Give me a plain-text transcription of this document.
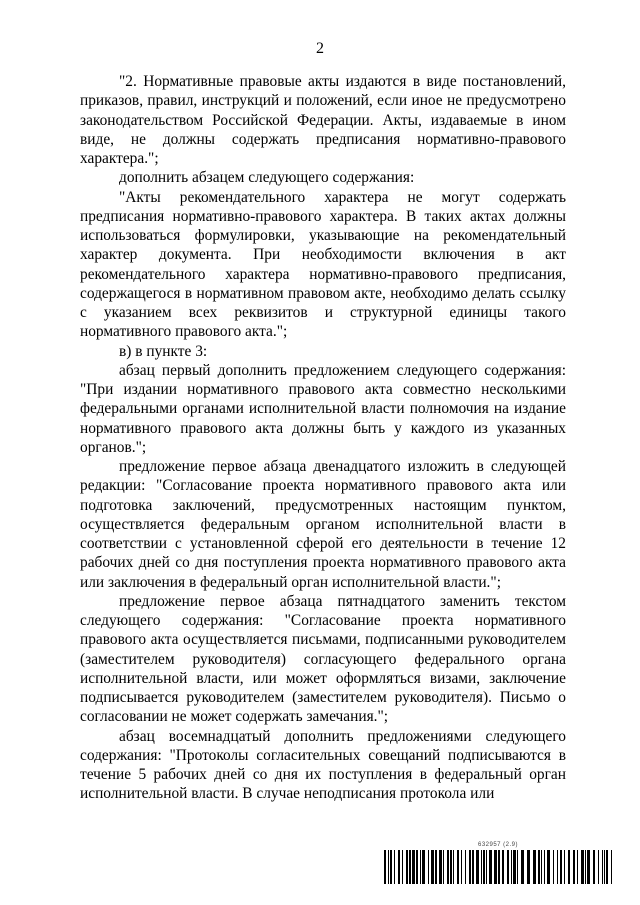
2

"2. Нормативные правовые акты издаются в виде постановлений, приказов, правил, инструкций и положений, если иное не предусмотрено законодательством Российской Федерации. Акты, издаваемые в ином виде, не должны содержать предписания нормативно-правового характера.";

дополнить абзацем следующего содержания:

"Акты рекомендательного характера не могут содержать предписания нормативно-правового характера. В таких актах должны использоваться формулировки, указывающие на рекомендательный характер документа. При необходимости включения в акт рекомендательного характера нормативно-правового предписания, содержащегося в нормативном правовом акте, необходимо делать ссылку с указанием всех реквизитов и структурной единицы такого нормативного правового акта.";

в) в пункте 3:

абзац первый дополнить предложением следующего содержания: "При издании нормативного правового акта совместно несколькими федеральными органами исполнительной власти полномочия на издание нормативного правового акта должны быть у каждого из указанных органов.";

предложение первое абзаца двенадцатого изложить в следующей редакции: "Согласование проекта нормативного правового акта или подготовка заключений, предусмотренных настоящим пунктом, осуществляется федеральным органом исполнительной власти в соответствии с установленной сферой его деятельности в течение 12 рабочих дней со дня поступления проекта нормативного правового акта или заключения в федеральный орган исполнительной власти.";

предложение первое абзаца пятнадцатого заменить текстом следующего содержания: "Согласование проекта нормативного правового акта осуществляется письмами, подписанными руководителем (заместителем руководителя) согласующего федерального органа исполнительной власти, или может оформляться визами, заключение подписывается руководителем (заместителем руководителя). Письмо о согласовании не может содержать замечания.";

абзац восемнадцатый дополнить предложениями следующего содержания: "Протоколы согласительных совещаний подписываются в течение 5 рабочих дней со дня их поступления в федеральный орган исполнительной власти. В случае неподписания протокола или

632957 (2.9)
